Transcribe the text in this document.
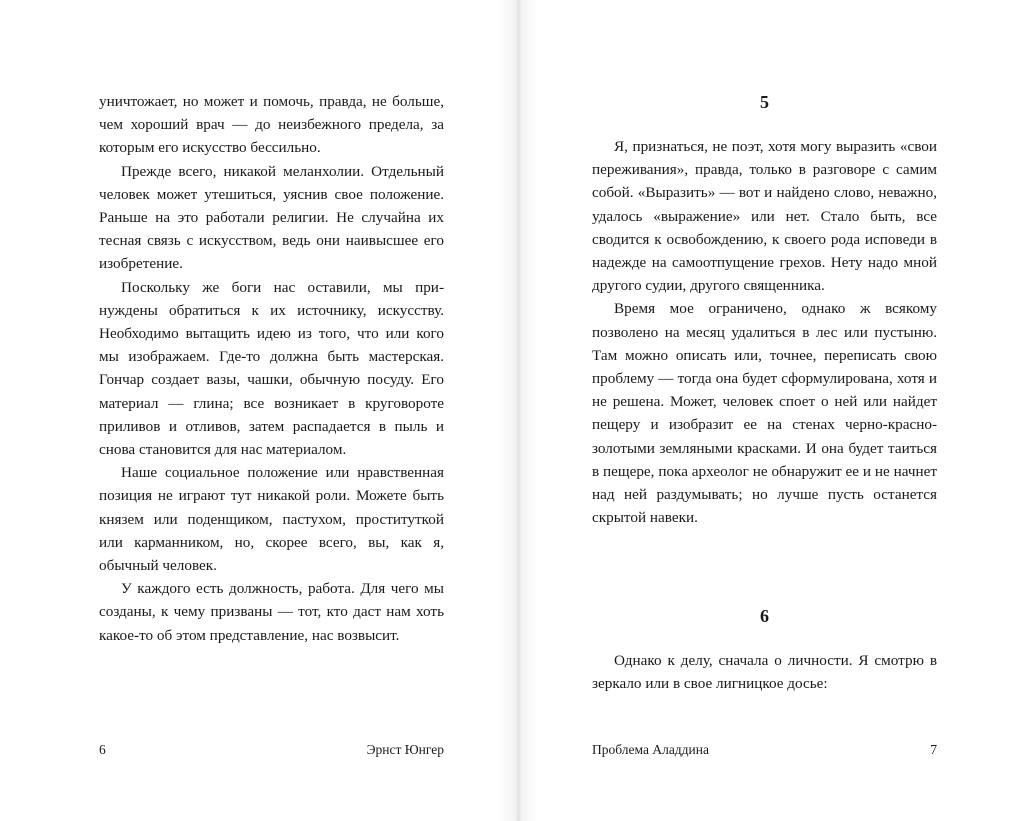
уничтожает, но может и помочь, правда, не больше, чем хороший врач — до неизбежного предела, за которым его искусство бессильно.

Прежде всего, никакой меланхолии. Отдельный человек может утешиться, уяснив свое положение. Раньше на это работали религии. Не случайна их тесная связь с искусством, ведь они наивысшее его изобретение.

Поскольку же боги нас оставили, мы принуждены обратиться к их источнику, искусству. Необходимо вытащить идею из того, что или кого мы изображаем. Где-то должна быть мастерская. Гончар создает вазы, чашки, обычную посуду. Его материал — глина; все возникает в круговороте приливов и отливов, затем распадается в пыль и снова становится для нас материалом.

Наше социальное положение или нравственная позиция не играют тут никакой роли. Можете быть князем или поденщиком, пастухом, проституткой или карманником, но, скорее всего, вы, как я, обычный человек.

У каждого есть должность, работа. Для чего мы созданы, к чему призваны — тот, кто даст нам хоть какое-то об этом представление, нас возвысит.

6	Эрнст Юнгер
5

Я, признаться, не поэт, хотя могу выразить «свои переживания», правда, только в разговоре с самим собой. «Выразить» — вот и найдено слово, неважно, удалось «выражение» или нет. Стало быть, все сводится к освобождению, к своего рода исповеди в надежде на самоотпущение грехов. Нету надо мной другого судии, другого священника.

Время мое ограничено, однако ж всякому позволено на месяц удалиться в лес или пустыню. Там можно описать или, точнее, переписать свою проблему — тогда она будет сформулирована, хотя и не решена. Может, человек споет о ней или найдет пещеру и изобразит ее на стенах черно-красно-золотыми земляными красками. И она будет таиться в пещере, пока археолог не обнаружит ее и не начнет над ней раздумывать; но лучше пусть останется скрытой навеки.

6

Однако к делу, сначала о личности. Я смотрю в зеркало или в свое лигницкое досье:

Проблема Аладдина	7
